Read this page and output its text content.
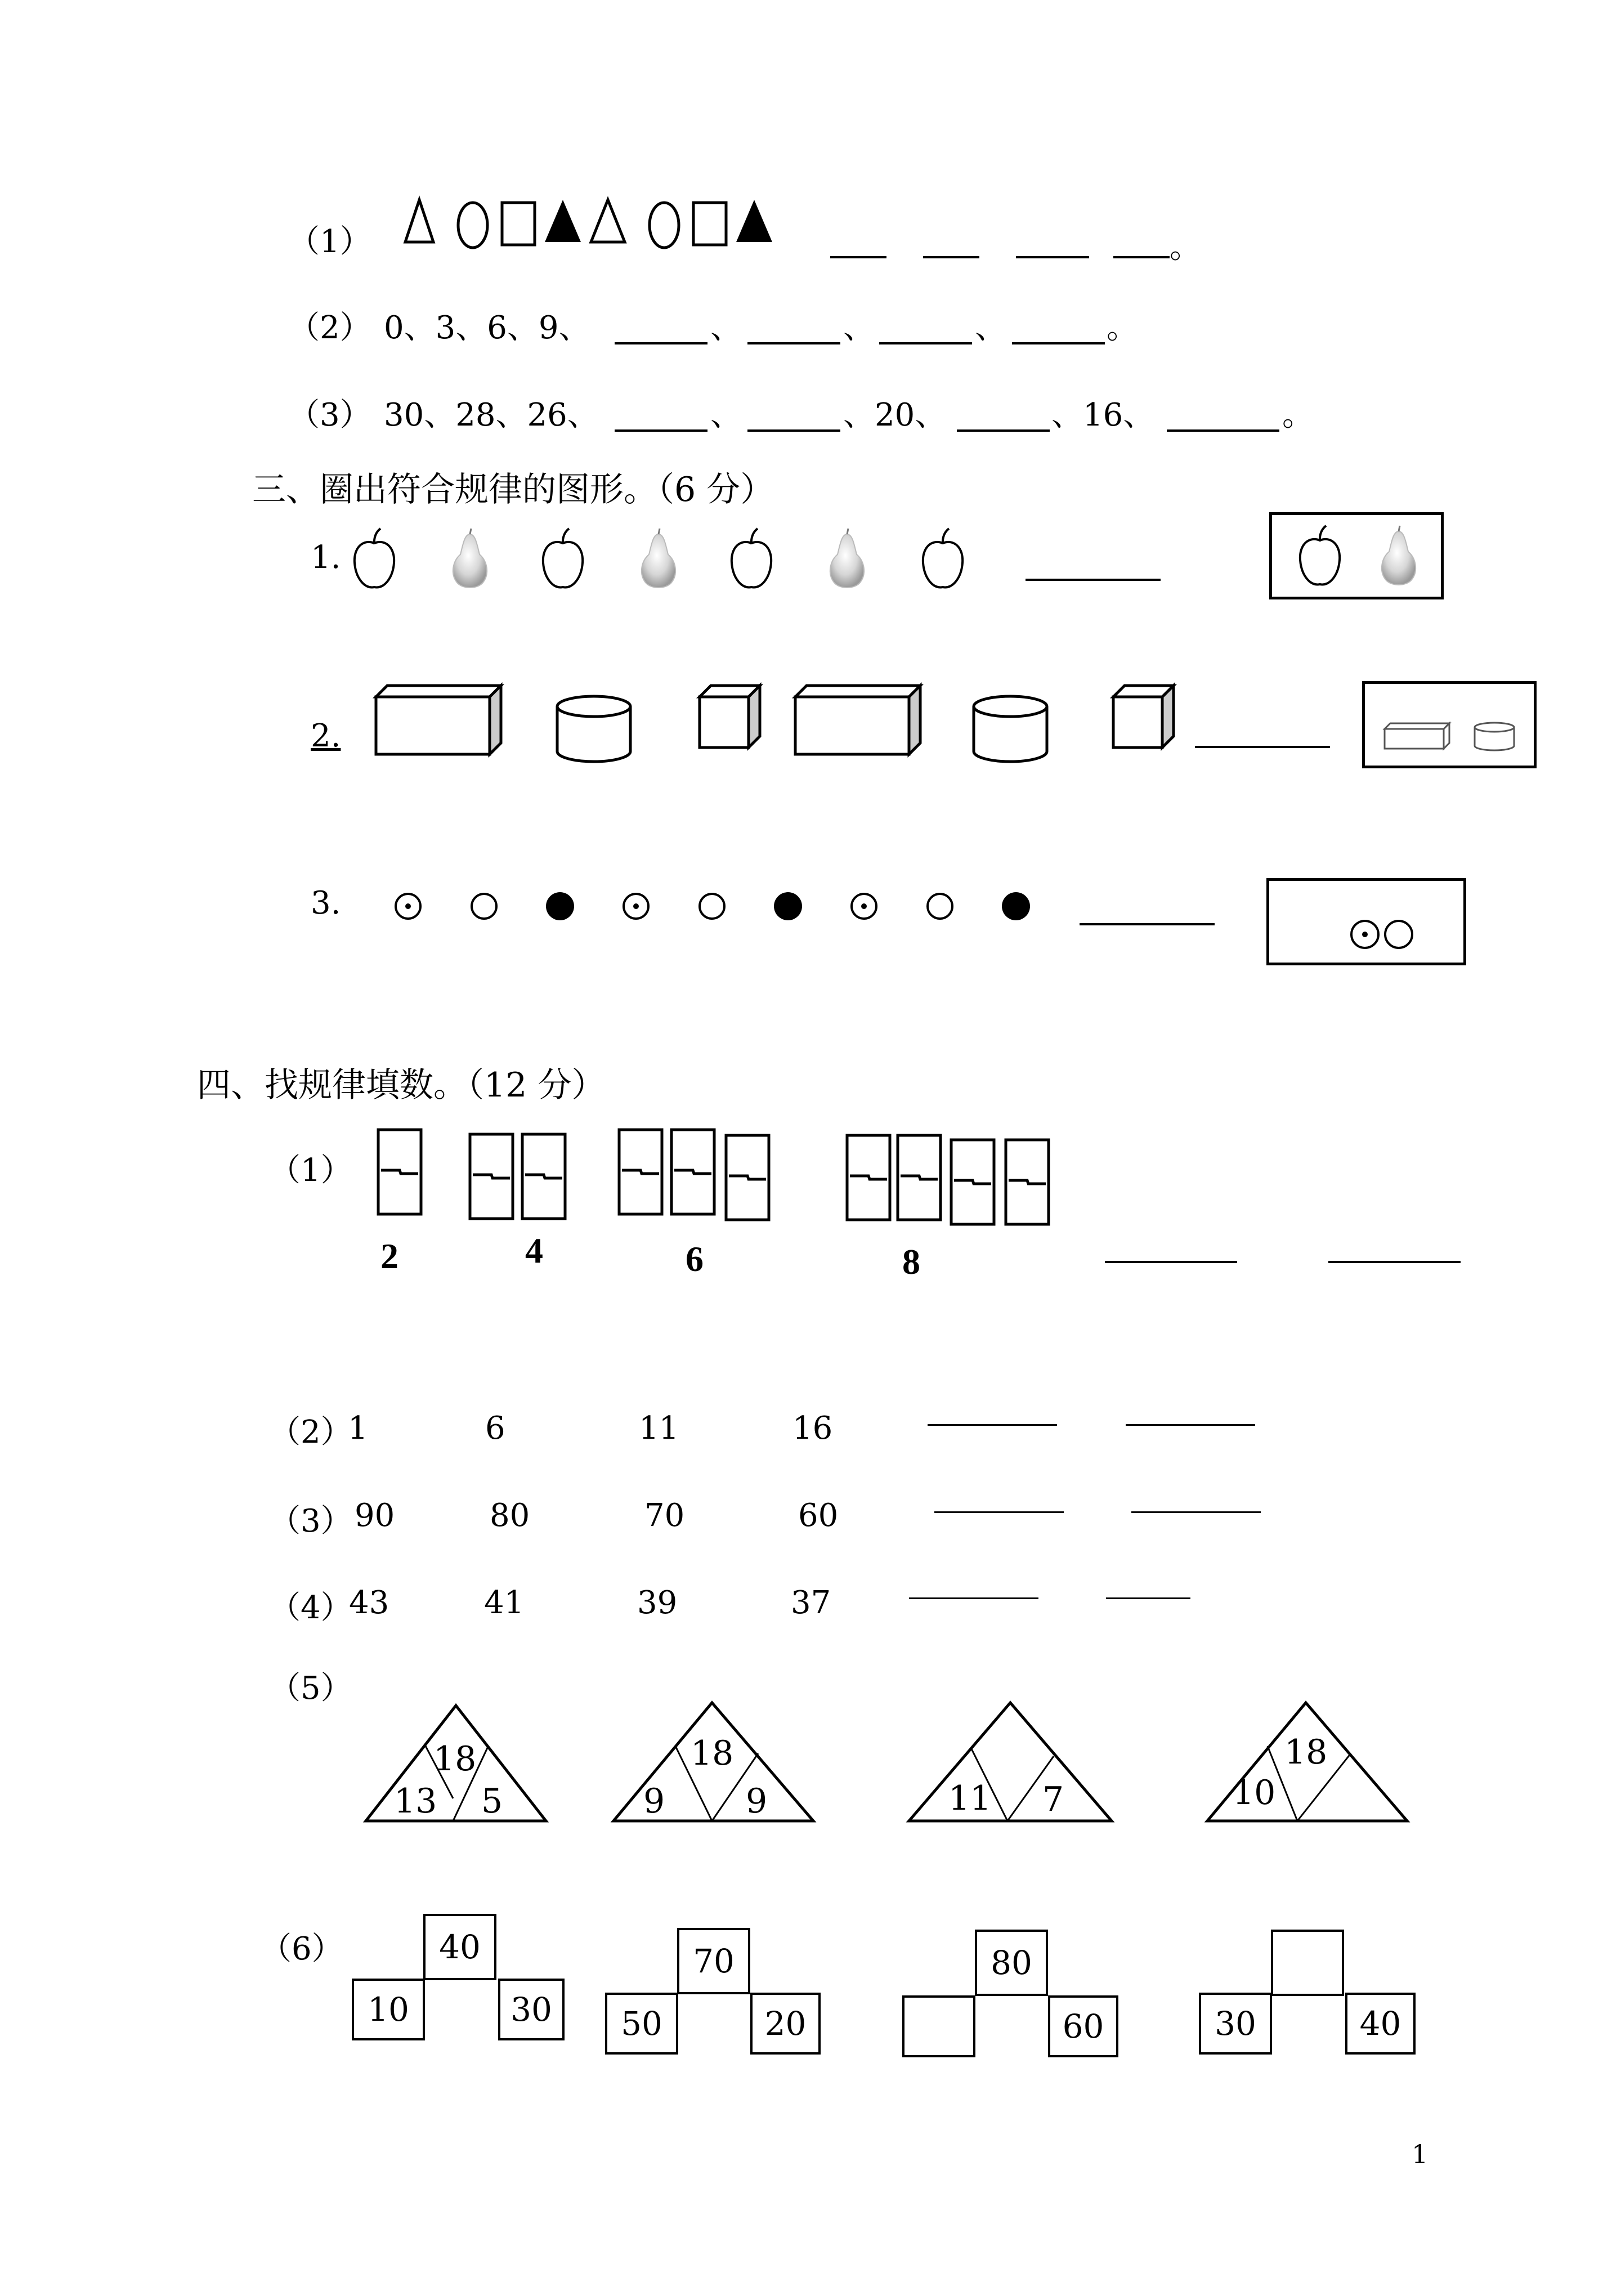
（1）	。
（2） 0、3、6、9、	、	、	、	。
（3） 30、28、26、	、	、20、	、16、	。
三、圈出符合规律的图形。（6 分）
1.
2.
3.
四、找规律填数。（12 分）
（1）
2	4	6	8
（2）
1	6	11	16
（3） 90	80	70	60
（4）
43	41	39	37
（5）
18
13 5
18
9 9	11 7
18
10
（6）	40
10	30
70
50	20
80
60	30	40
1
